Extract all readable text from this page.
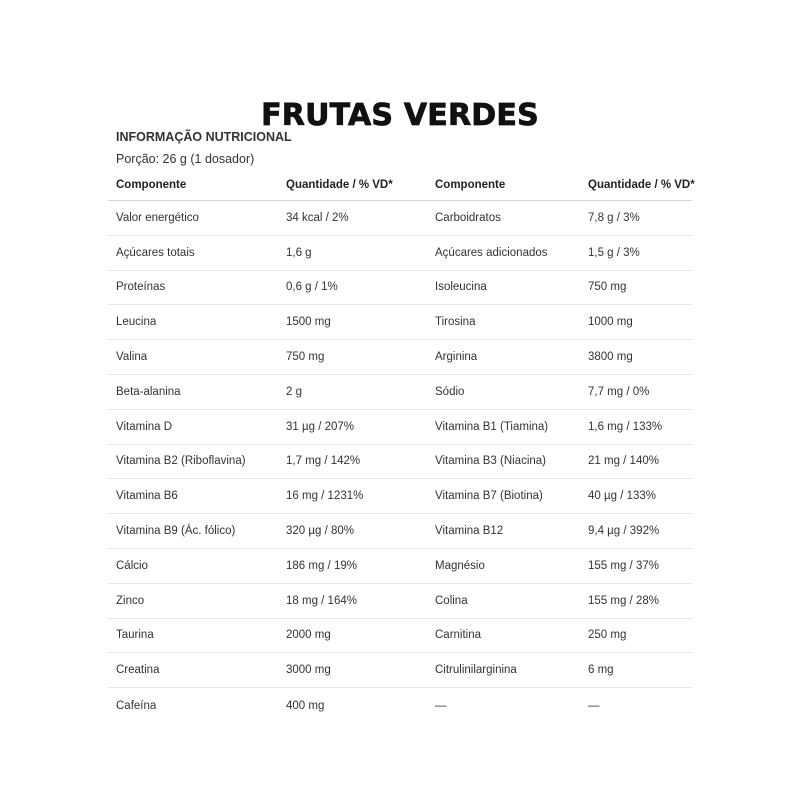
FRUTAS VERDES
INFORMAÇÃO NUTRICIONAL
Porção: 26 g (1 dosador)
Componente	Quantidade / % VD*	Componente	Quantidade / % VD*
Valor energético	34 kcal / 2%	Carboidratos	7,8 g / 3%
Açúcares totais	1,6 g	Açúcares adicionados	1,5 g / 3%
Proteínas	0,6 g / 1%	Isoleucina	750 mg
Leucina	1500 mg	Tirosina	1000 mg
Valina	750 mg	Arginina	3800 mg
Beta-alanina	2 g	Sódio	7,7 mg / 0%
Vitamina D	31 µg / 207%	Vitamina B1 (Tiamina)	1,6 mg / 133%
Vitamina B2 (Riboflavina)	1,7 mg / 142%	Vitamina B3 (Niacina)	21 mg / 140%
Vitamina B6	16 mg / 1231%	Vitamina B7 (Biotina)	40 µg / 133%
Vitamina B9 (Ác. fólico)	320 µg / 80%	Vitamina B12	9,4 µg / 392%
Cálcio	186 mg / 19%	Magnésio	155 mg / 37%
Zinco	18 mg / 164%	Colina	155 mg / 28%
Taurina	2000 mg	Carnitina	250 mg
Creatina	3000 mg	Citrulinilarginina	6 mg
Cafeína	400 mg	—	—
